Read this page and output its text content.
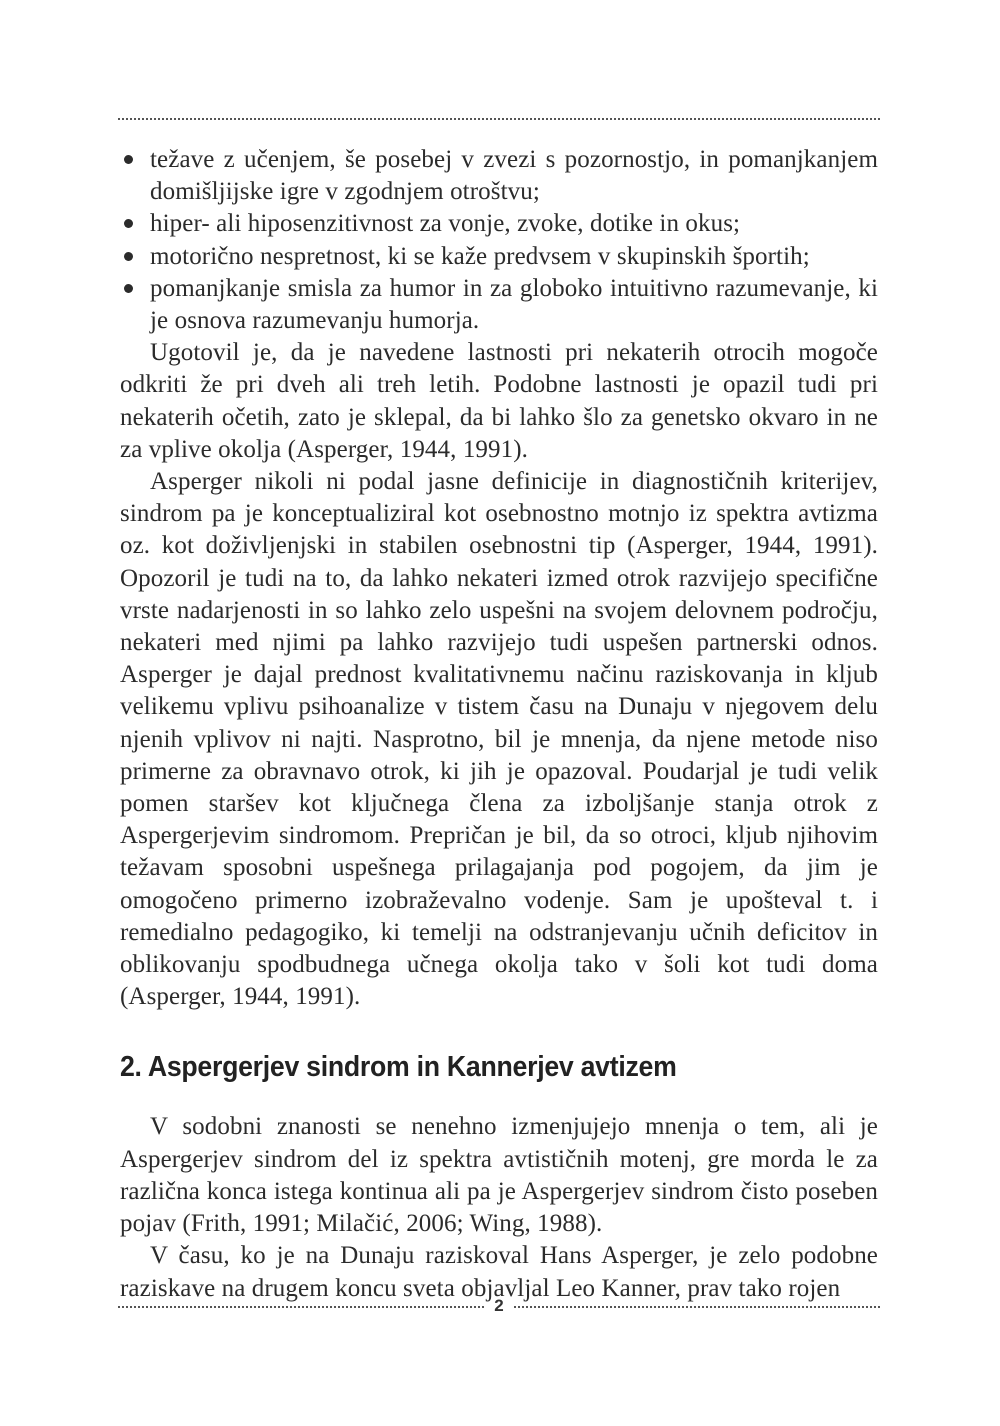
težave z učenjem, še posebej v zvezi s pozornostjo, in pomanjkanjem domišljijske igre v zgodnjem otroštvu;
hiper- ali hiposenzitivnost za vonje, zvoke, dotike in okus;
motorično nespretnost, ki se kaže predvsem v skupinskih športih;
pomanjkanje smisla za humor in za globoko intuitivno razumevanje, ki je osnova razumevanju humorja.

Ugotovil je, da je navedene lastnosti pri nekaterih otrocih mogoče odkriti že pri dveh ali treh letih. Podobne lastnosti je opazil tudi pri nekaterih očetih, zato je sklepal, da bi lahko šlo za genetsko okvaro in ne za vplive okolja (Asperger, 1944, 1991).

Asperger nikoli ni podal jasne definicije in diagnostičnih kriterijev, sindrom pa je konceptualiziral kot osebnostno motnjo iz spektra avtizma oz. kot doživljenjski in stabilen osebnostni tip (Asperger, 1944, 1991). Opozoril je tudi na to, da lahko nekateri izmed otrok razvijejo specifične vrste nadarjenosti in so lahko zelo uspešni na svojem delovnem področju, nekateri med njimi pa lahko razvijejo tudi uspešen partnerski odnos. Asperger je dajal prednost kvalitativnemu načinu raziskovanja in kljub velikemu vplivu psihoanalize v tistem času na Dunaju v njegovem delu njenih vplivov ni najti. Nasprotno, bil je mnenja, da njene metode niso primerne za obravnavo otrok, ki jih je opazoval. Poudarjal je tudi velik pomen staršev kot ključnega člena za izboljšanje stanja otrok z Aspergerjevim sindromom. Prepričan je bil, da so otroci, kljub njihovim težavam sposobni uspešnega prilagajanja pod pogojem, da jim je omogočeno primerno izobraževalno vodenje. Sam je upošteval t. i remedialno pedagogiko, ki temelji na odstranjevanju učnih deficitov in oblikovanju spodbudnega učnega okolja tako v šoli kot tudi doma (Asperger, 1944, 1991).

2. Aspergerjev sindrom in Kannerjev avtizem

V sodobni znanosti se nenehno izmenjujejo mnenja o tem, ali je Aspergerjev sindrom del iz spektra avtističnih motenj, gre morda le za različna konca istega kontinua ali pa je Aspergerjev sindrom čisto poseben pojav (Frith, 1991; Milačić, 2006; Wing, 1988).

V času, ko je na Dunaju raziskoval Hans Asperger, je zelo podobne raziskave na drugem koncu sveta objavljal Leo Kanner, prav tako rojen

2
